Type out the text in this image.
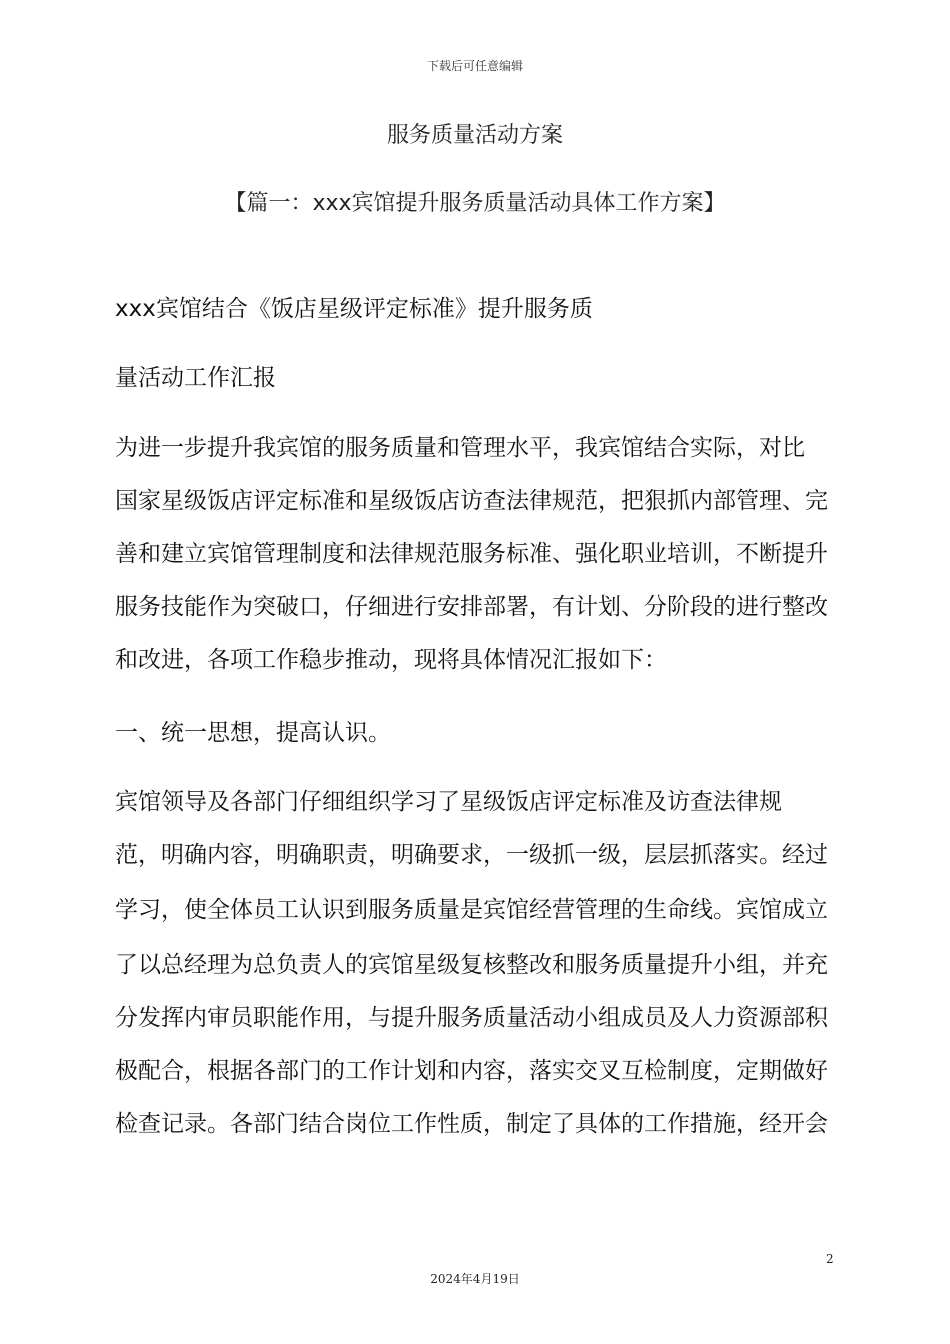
下载后可任意编辑
服务质量活动方案
【篇一：xxx宾馆提升服务质量活动具体工作方案】
xxx宾馆结合《饭店星级评定标准》提升服务质
量活动工作汇报
为进一步提升我宾馆的服务质量和管理水平，我宾馆结合实际，对比
国家星级饭店评定标准和星级饭店访查法律规范，把狠抓内部管理、完
善和建立宾馆管理制度和法律规范服务标准、强化职业培训，不断提升
服务技能作为突破口，仔细进行安排部署，有计划、分阶段的进行整改
和改进，各项工作稳步推动，现将具体情况汇报如下：
一、统一思想，提高认识。
宾馆领导及各部门仔细组织学习了星级饭店评定标准及访查法律规
范，明确内容，明确职责，明确要求，一级抓一级，层层抓落实。经过
学习，使全体员工认识到服务质量是宾馆经营管理的生命线。宾馆成立
了以总经理为总负责人的宾馆星级复核整改和服务质量提升小组，并充
分发挥内审员职能作用，与提升服务质量活动小组成员及人力资源部积
极配合，根据各部门的工作计划和内容，落实交叉互检制度，定期做好
检查记录。各部门结合岗位工作性质，制定了具体的工作措施，经开会
2
2024年4月19日
